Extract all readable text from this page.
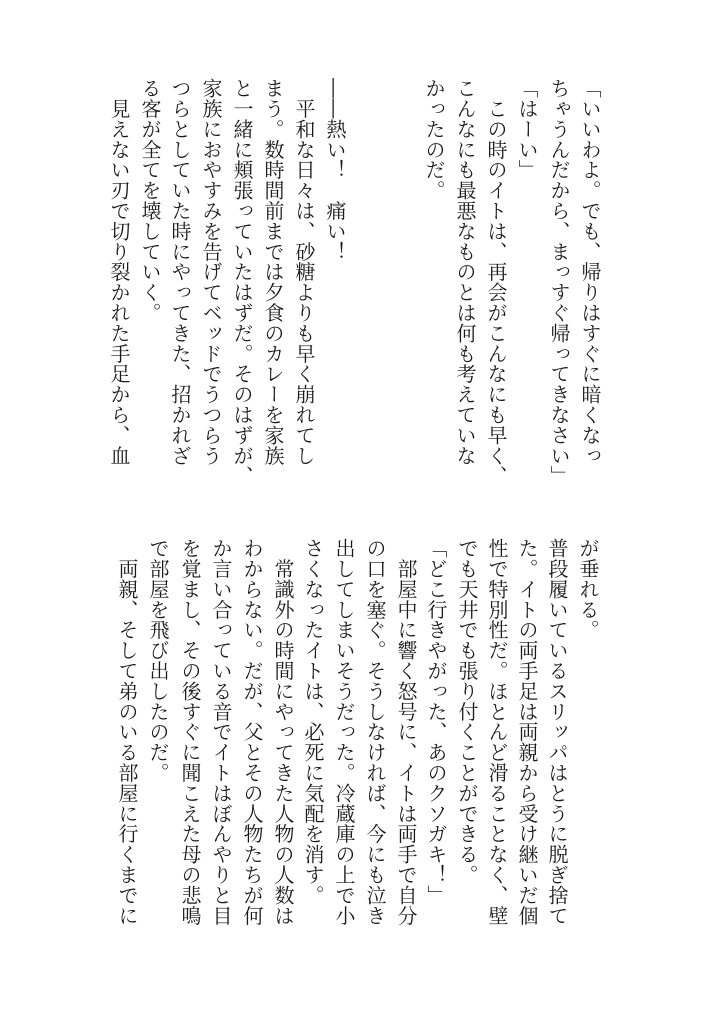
「いいわよ。でも、帰りはすぐに暗くなっ
ちゃうんだから、まっすぐ帰ってきなさい」
「はーい」
　この時のイトは、再会がこんなにも早く、
こんなにも最悪なものとは何も考えていな
かったのだ。
――熱い！　痛い！
　平和な日々は、砂糖よりも早く崩れてし
まう。数時間前までは夕食のカレーを家族
と一緒に頬張っていたはずだ。そのはずが、
家族におやすみを告げてベッドでうつらう
つらとしていた時にやってきた、招かれざ
る客が全てを壊していく。
　見えない刃で切り裂かれた手足から、血
が垂れる。
普段履いているスリッパはとうに脱ぎ捨て
た。イトの両手足は両親から受け継いだ個
性で特別性だ。ほとんど滑ることなく、壁
でも天井でも張り付くことができる。
「どこ行きやがった、あのクソガキ！」
　部屋中に響く怒号に、イトは両手で自分
の口を塞ぐ。そうしなければ、今にも泣き
出してしまいそうだった。冷蔵庫の上で小
さくなったイトは、必死に気配を消す。
　常識外の時間にやってきた人物の人数は
わからない。だが、父とその人物たちが何
か言い合っている音でイトはぼんやりと目
を覚まし、その後すぐに聞こえた母の悲鳴
で部屋を飛び出したのだ。
　両親、そして弟のいる部屋に行くまでに
